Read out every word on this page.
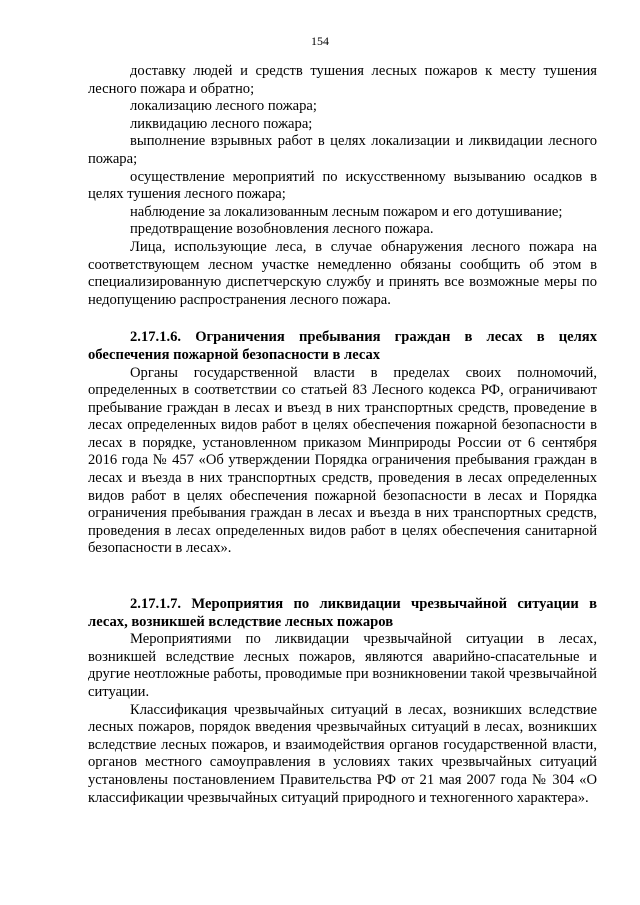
154

доставку людей и средств тушения лесных пожаров к месту тушения лесного пожара и обратно;

локализацию лесного пожара;

ликвидацию лесного пожара;

выполнение взрывных работ в целях локализации и ликвидации лесного пожара;

осуществление мероприятий по искусственному вызыванию осадков в целях тушения лесного пожара;

наблюдение за локализованным лесным пожаром и его дотушивание;

предотвращение возобновления лесного пожара.

Лица, использующие леса, в случае обнаружения лесного пожара на соответствующем лесном участке немедленно обязаны сообщить об этом в специализированную диспетчерскую службу и принять все возможные меры по недопущению распространения лесного пожара.

2.17.1.6. Ограничения пребывания граждан в лесах в целях обеспечения пожарной безопасности в лесах

Органы государственной власти в пределах своих полномочий, определенных в соответствии со статьей 83 Лесного кодекса РФ, ограничивают пребывание граждан в лесах и въезд в них транспортных средств, проведение в лесах определенных видов работ в целях обеспечения пожарной безопасности в лесах в порядке, установленном приказом Минприроды России от 6 сентября 2016 года № 457 «Об утверждении Порядка ограничения пребывания граждан в лесах и въезда в них транспортных средств, проведения в лесах определенных видов работ в целях обеспечения пожарной безопасности в лесах и Порядка ограничения пребывания граждан в лесах и въезда в них транспортных средств, проведения в лесах определенных видов работ в целях обеспечения санитарной безопасности в лесах».

2.17.1.7. Мероприятия по ликвидации чрезвычайной ситуации в лесах, возникшей вследствие лесных пожаров

Мероприятиями по ликвидации чрезвычайной ситуации в лесах, возникшей вследствие лесных пожаров, являются аварийно-спасательные и другие неотложные работы, проводимые при возникновении такой чрезвычайной ситуации.

Классификация чрезвычайных ситуаций в лесах, возникших вследствие лесных пожаров, порядок введения чрезвычайных ситуаций в лесах, возникших вследствие лесных пожаров, и взаимодействия органов государственной власти, органов местного самоуправления в условиях таких чрезвычайных ситуаций установлены постановлением Правительства РФ от 21 мая 2007 года № 304 «О классификации чрезвычайных ситуаций природного и техногенного характера».
